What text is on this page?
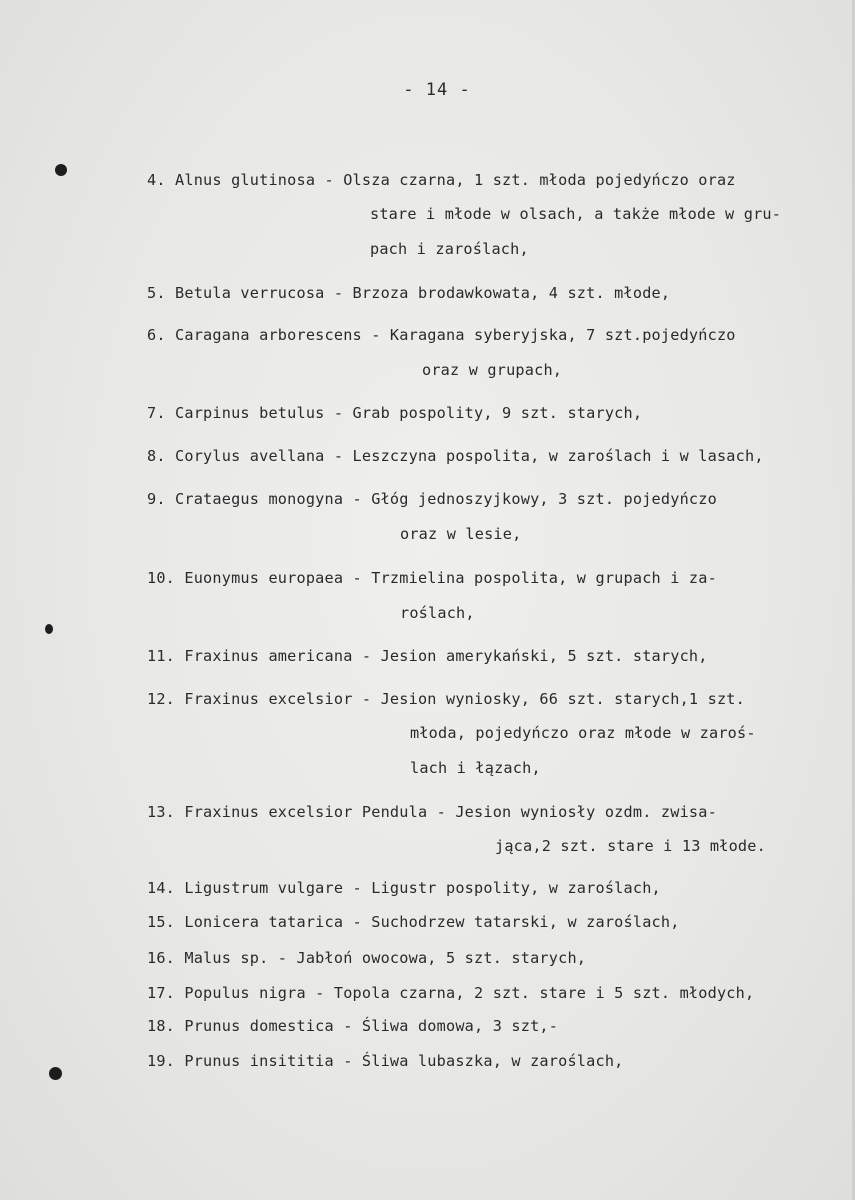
- 14 -
4. Alnus glutinosa - Olsza czarna, 1 szt. młoda pojedyńczo oraz
stare i młode w olsach, a także młode w gru-
pach i zaroślach,
5. Betula verrucosa - Brzoza brodawkowata, 4 szt. młode,
6. Caragana arborescens - Karagana syberyjska, 7 szt.pojedyńczo
oraz w grupach,
7. Carpinus betulus - Grab pospolity, 9 szt. starych,
8. Corylus avellana - Leszczyna pospolita, w zaroślach i w lasach,
9. Crataegus monogyna - Głóg jednoszyjkowy, 3 szt. pojedyńczo
oraz w lesie,
10. Euonymus europaea - Trzmielina pospolita, w grupach i za-
roślach,
11. Fraxinus americana - Jesion amerykański, 5 szt. starych,
12. Fraxinus excelsior - Jesion wyniosky, 66 szt. starych,1 szt.
młoda, pojedyńczo oraz młode w zaroś-
lach i łązach,
13. Fraxinus excelsior Pendula - Jesion wyniosły ozdm. zwisa-
jąca,2 szt. stare i 13 młode.
14. Ligustrum vulgare - Ligustr pospolity, w zaroślach,
15. Lonicera tatarica - Suchodrzew tatarski, w zaroślach,
16. Malus sp. - Jabłoń owocowa, 5 szt. starych,
17. Populus nigra - Topola czarna, 2 szt. stare i 5 szt. młodych,
18. Prunus domestica - Śliwa domowa, 3 szt,-
19. Prunus insititia - Śliwa lubaszka, w zaroślach,
